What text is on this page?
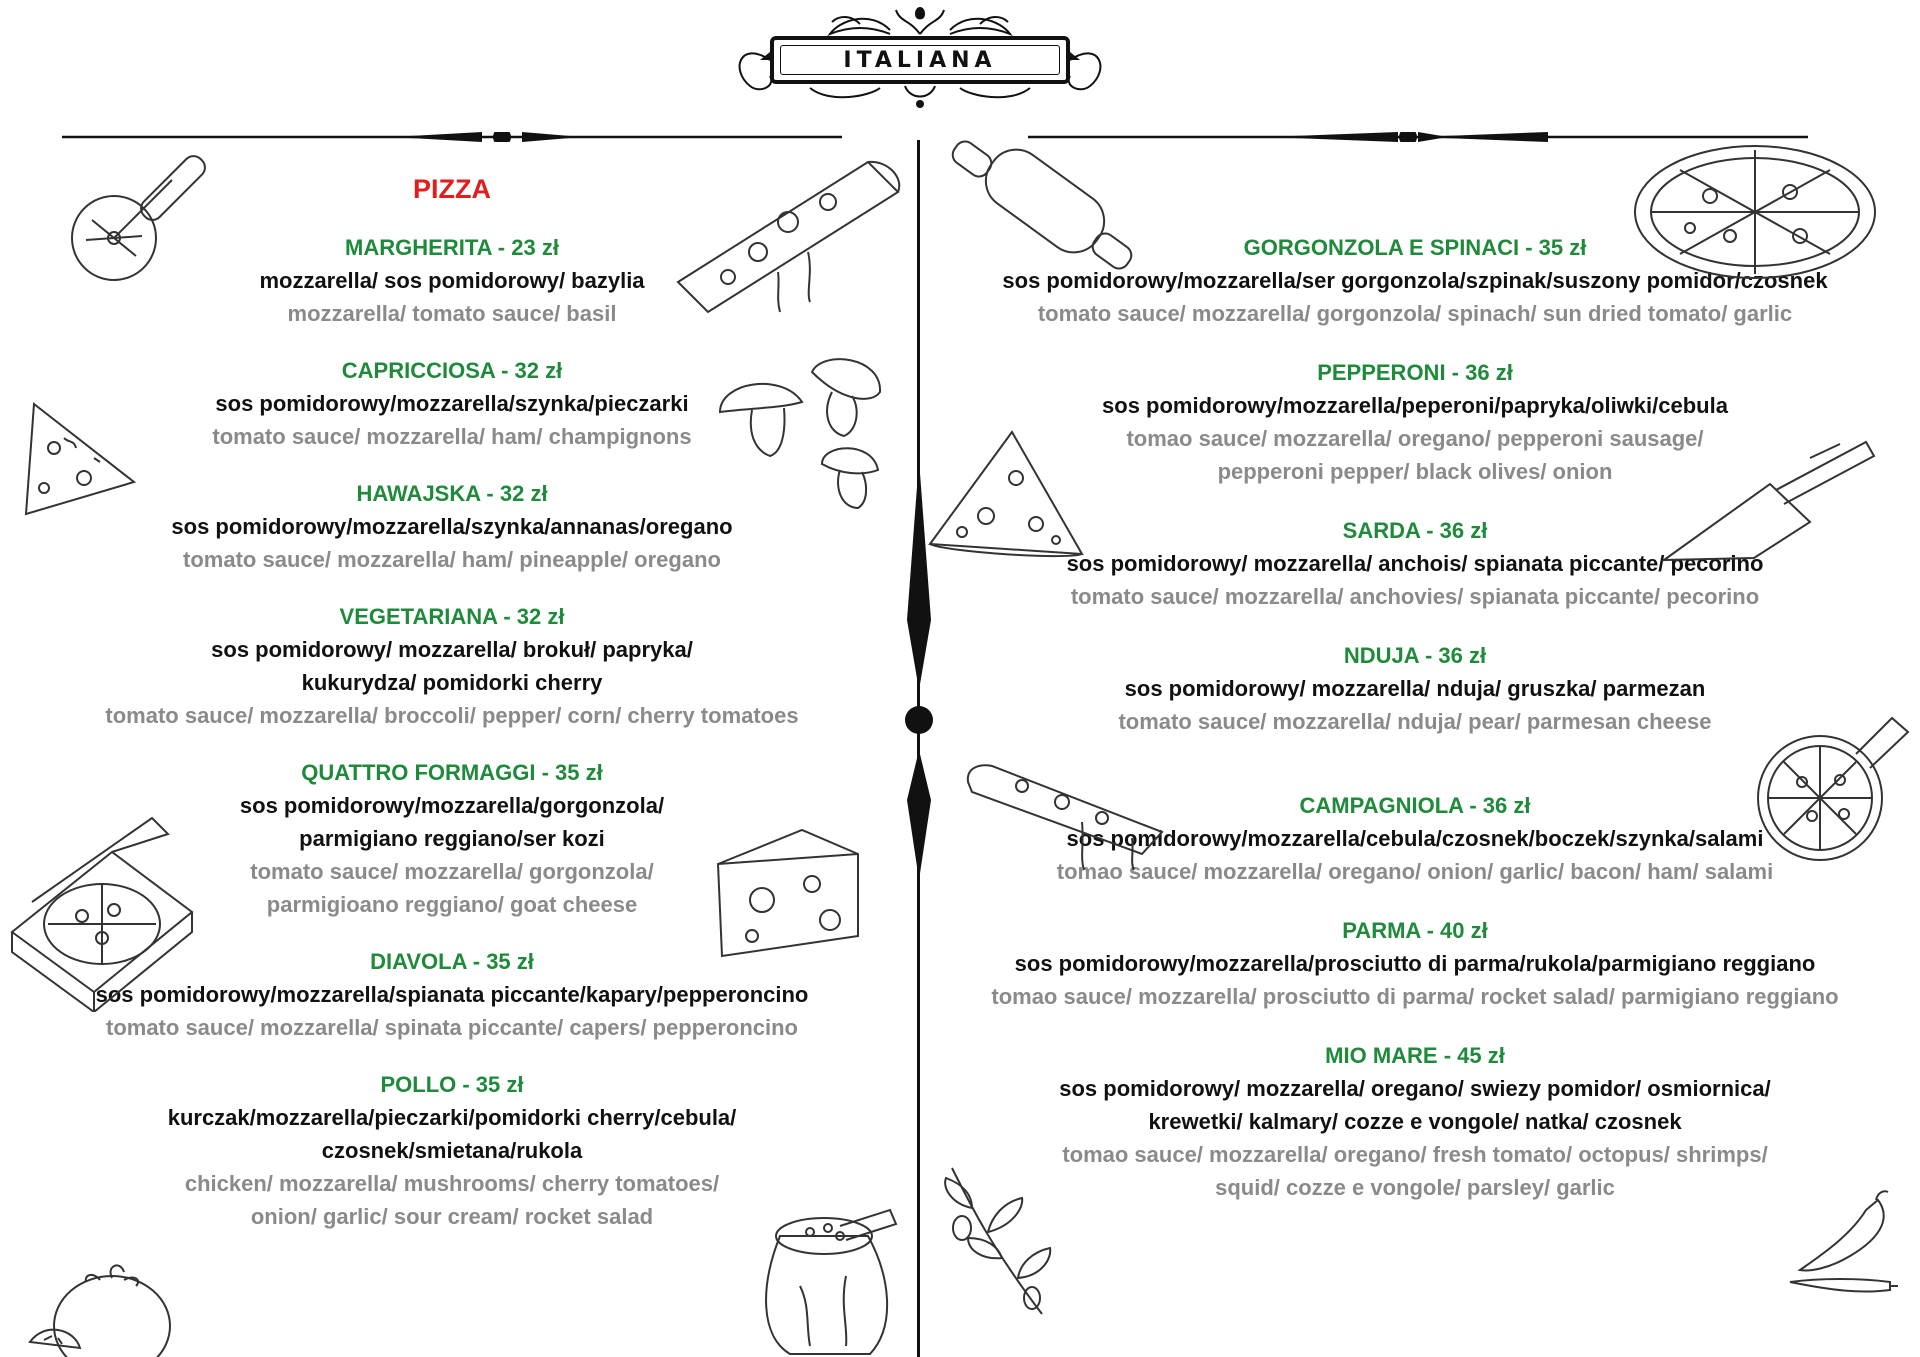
ITALIANA
PIZZA
MARGHERITA - 23 zł
mozzarella/ sos pomidorowy/ bazylia
mozzarella/ tomato sauce/ basil
CAPRICCIOSA - 32 zł
sos pomidorowy/mozzarella/szynka/pieczarki
tomato sauce/ mozzarella/ ham/ champignons
HAWAJSKA - 32 zł
sos pomidorowy/mozzarella/szynka/annanas/oregano
tomato sauce/ mozzarella/ ham/ pineapple/ oregano
VEGETARIANA - 32 zł
sos pomidorowy/ mozzarella/ brokuł/ papryka/
kukurydza/ pomidorki cherry
tomato sauce/ mozzarella/ broccoli/ pepper/ corn/ cherry tomatoes
QUATTRO FORMAGGI - 35 zł
sos pomidorowy/mozzarella/gorgonzola/
parmigiano reggiano/ser kozi
tomato sauce/ mozzarella/ gorgonzola/
parmigioano reggiano/ goat cheese
DIAVOLA - 35 zł
sos pomidorowy/mozzarella/spianata piccante/kapary/pepperoncino
tomato sauce/ mozzarella/ spinata piccante/ capers/ pepperoncino
POLLO - 35 zł
kurczak/mozzarella/pieczarki/pomidorki cherry/cebula/
czosnek/smietana/rukola
chicken/ mozzarella/ mushrooms/ cherry tomatoes/
onion/ garlic/ sour cream/ rocket salad
GORGONZOLA E SPINACI - 35 zł
sos pomidorowy/mozzarella/ser gorgonzola/szpinak/suszony pomidor/czosnek
tomato sauce/ mozzarella/ gorgonzola/ spinach/ sun dried tomato/ garlic
PEPPERONI - 36 zł
sos pomidorowy/mozzarella/peperoni/papryka/oliwki/cebula
tomao sauce/ mozzarella/ oregano/ pepperoni sausage/
pepperoni pepper/ black olives/ onion
SARDA - 36 zł
sos pomidorowy/ mozzarella/ anchois/ spianata piccante/ pecorino
tomato sauce/ mozzarella/ anchovies/ spianata piccante/ pecorino
NDUJA - 36 zł
sos pomidorowy/ mozzarella/ nduja/ gruszka/ parmezan
tomato sauce/ mozzarella/ nduja/ pear/ parmesan cheese
CAMPAGNIOLA - 36 zł
sos pomidorowy/mozzarella/cebula/czosnek/boczek/szynka/salami
tomao sauce/ mozzarella/ oregano/ onion/ garlic/ bacon/ ham/ salami
PARMA - 40 zł
sos pomidorowy/mozzarella/prosciutto di parma/rukola/parmigiano reggiano
tomao sauce/ mozzarella/ prosciutto di parma/ rocket salad/ parmigiano reggiano
MIO MARE - 45 zł
sos pomidorowy/ mozzarella/ oregano/ swiezy pomidor/ osmiornica/
krewetki/ kalmary/ cozze e vongole/ natka/ czosnek
tomao sauce/ mozzarella/ oregano/ fresh tomato/ octopus/ shrimps/
squid/ cozze e vongole/ parsley/ garlic
